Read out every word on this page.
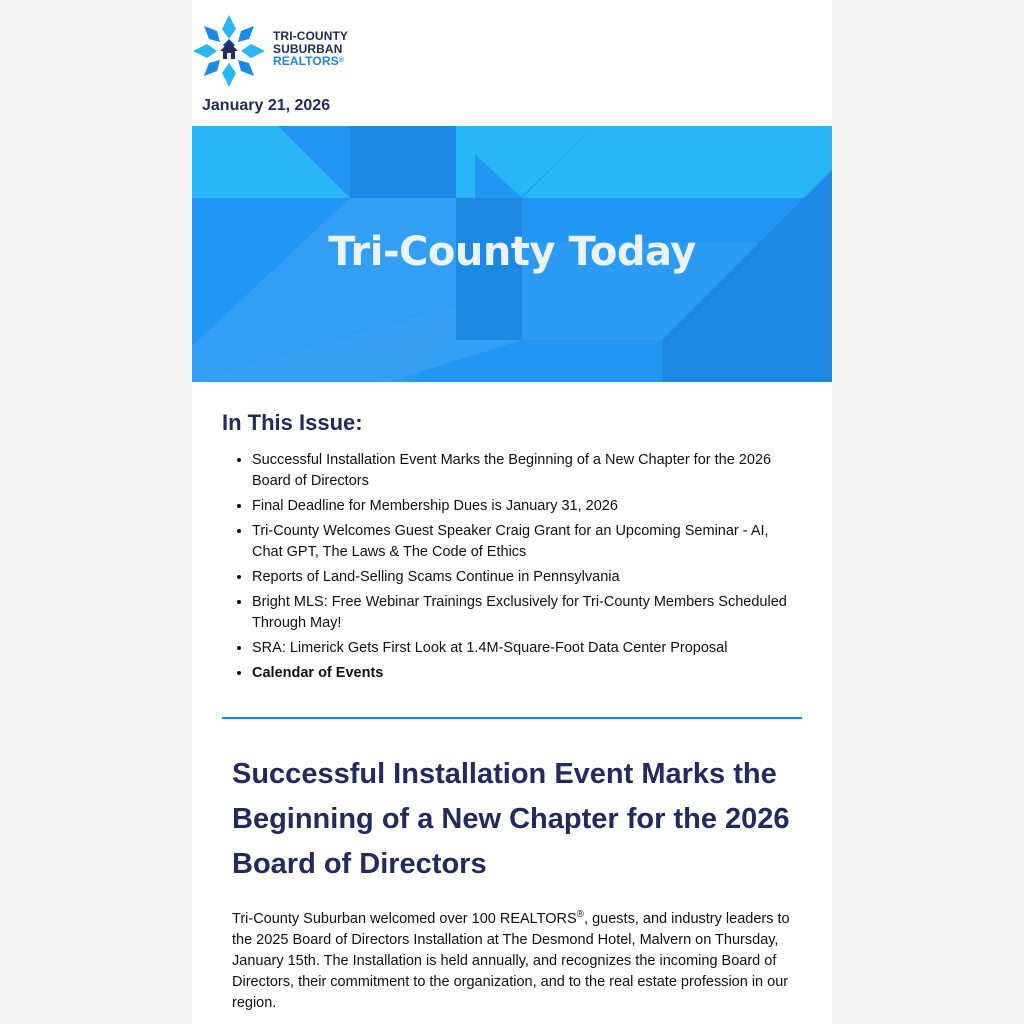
TRI-COUNTY
SUBURBAN
REALTORS®
January 21, 2026
Tri-County Today
In This Issue:
• Successful Installation Event Marks the Beginning of a New Chapter for the 2026 Board of Directors
• Final Deadline for Membership Dues is January 31, 2026
• Tri-County Welcomes Guest Speaker Craig Grant for an Upcoming Seminar - AI, Chat GPT, The Laws & The Code of Ethics
• Reports of Land-Selling Scams Continue in Pennsylvania
• Bright MLS: Free Webinar Trainings Exclusively for Tri-County Members Scheduled Through May!
• SRA: Limerick Gets First Look at 1.4M-Square-Foot Data Center Proposal
• Calendar of Events
Successful Installation Event Marks the Beginning of a New Chapter for the 2026 Board of Directors

Tri-County Suburban welcomed over 100 REALTORS®, guests, and industry leaders to the 2025 Board of Directors Installation at The Desmond Hotel, Malvern on Thursday, January 15th. The Installation is held annually, and recognizes the incoming Board of Directors, their commitment to the organization, and to the real estate profession in our region.
